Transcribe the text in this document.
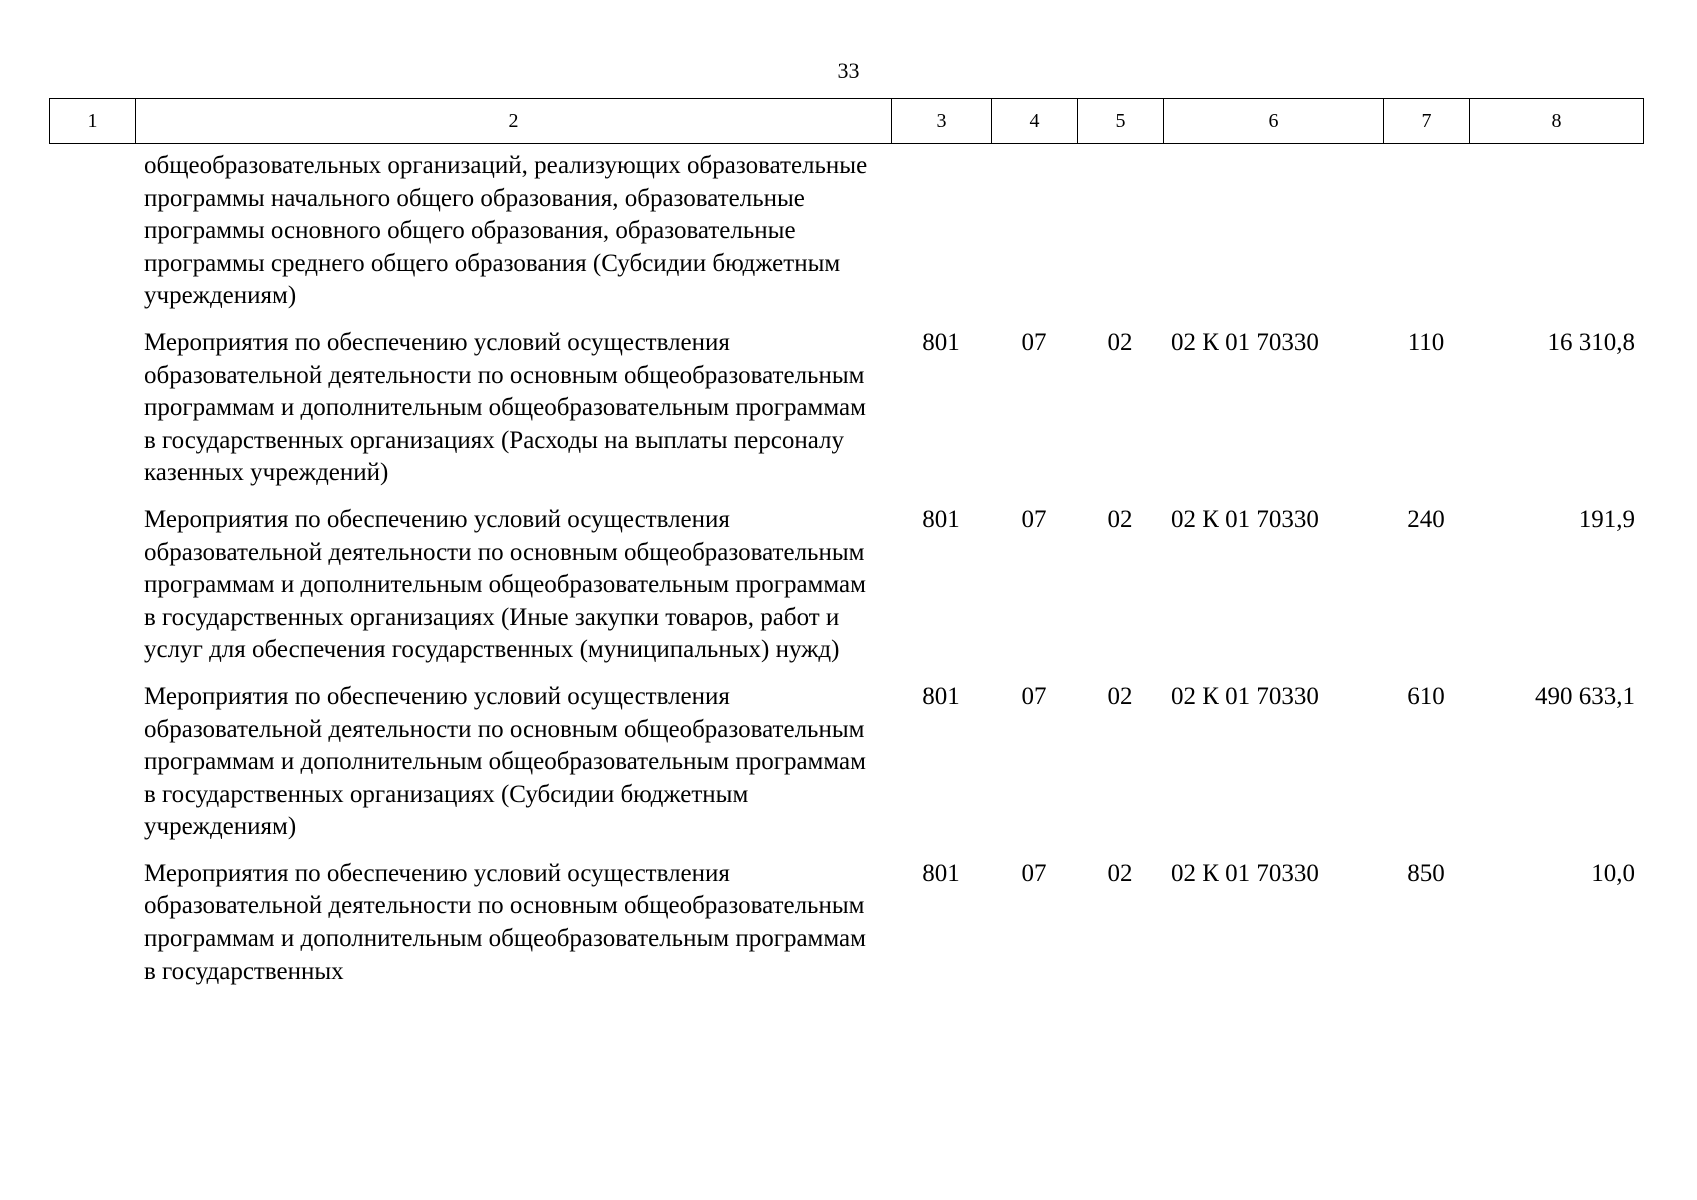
33
1	2	3	4	5	6	7	8
общеобразовательных организаций, реализующих образовательные программы начального общего образования, образовательные программы основного общего образования, образовательные программы среднего общего образования (Субсидии бюджетным учреждениям)						
Мероприятия по обеспечению условий осуществления образовательной деятельности по основным общеобразовательным программам и дополнительным общеобразовательным программам в государственных организациях (Расходы на выплаты персоналу казенных учреждений)	801	07	02	02 К 01 70330	110	16 310,8
Мероприятия по обеспечению условий осуществления образовательной деятельности по основным общеобразовательным программам и дополнительным общеобразовательным программам в государственных организациях (Иные закупки товаров, работ и услуг для обеспечения государственных (муниципальных) нужд)	801	07	02	02 К 01 70330	240	191,9
Мероприятия по обеспечению условий осуществления образовательной деятельности по основным общеобразовательным программам и дополнительным общеобразовательным программам в государственных организациях (Субсидии бюджетным учреждениям)	801	07	02	02 К 01 70330	610	490 633,1
Мероприятия по обеспечению условий осуществления образовательной деятельности по основным общеобразовательным программам и дополнительным общеобразовательным программам в государственных	801	07	02	02 К 01 70330	850	10,0
